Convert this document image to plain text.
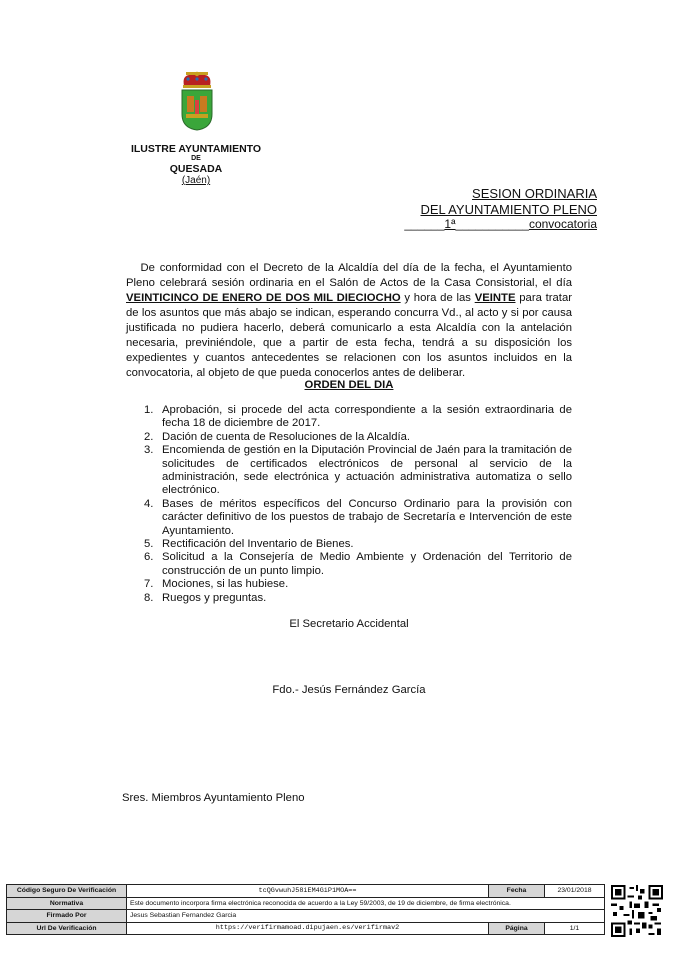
ILUSTRE AYUNTAMIENTO
DE
QUESADA
(Jaén)
SESION ORDINARIA
DEL AYUNTAMIENTO PLENO
______1ª___________convocatoria
De conformidad con el Decreto de la Alcaldía del día de la fecha, el Ayuntamiento Pleno celebrará sesión ordinaria en el Salón de Actos de la Casa Consistorial, el día VEINTICINCO DE ENERO DE DOS MIL DIECIOCHO y hora de las VEINTE para tratar de los asuntos que más abajo se indican, esperando concurra Vd., al acto y si por causa justificada no pudiera hacerlo, deberá comunicarlo a esta Alcaldía con la antelación necesaria, previniéndole, que a partir de esta fecha, tendrá a su disposición los expedientes y cuantos antecedentes se relacionen con los asuntos incluidos en la convocatoria, al objeto de que pueda conocerlos antes de deliberar.
ORDEN DEL DIA
1. Aprobación, si procede del acta correspondiente a la sesión extraordinaria de fecha 18 de diciembre de 2017.
2. Dación de cuenta de Resoluciones de la Alcaldía.
3. Encomienda de gestión en la Diputación Provincial de Jaén para la tramitación de solicitudes de certificados electrónicos de personal al servicio de la administración, sede electrónica y actuación administrativa automatiza o sello electrónico.
4. Bases de méritos específicos del Concurso Ordinario para la provisión con carácter definitivo de los puestos de trabajo de Secretaría e Intervención de este Ayuntamiento.
5. Rectificación del Inventario de Bienes.
6. Solicitud a la Consejería de Medio Ambiente y Ordenación del Territorio de construcción de un punto limpio.
7. Mociones, si las hubiese.
8. Ruegos y preguntas.
El Secretario Accidental
Fdo.- Jesús Fernández García
Sres. Miembros Ayuntamiento Pleno
Código Seguro De Verificación	tcQGvwuhJ58iEM4GiP1MOA==	Fecha	23/01/2018
Normativa	Este documento incorpora firma electrónica reconocida de acuerdo a la Ley 59/2003, de 19 de diciembre, de firma electrónica.		
Firmado Por	Jesus Sebastian Fernandez Garcia		
Url De Verificación	https://verifirmamoad.dipujaen.es/verifirmav2	Página	1/1
